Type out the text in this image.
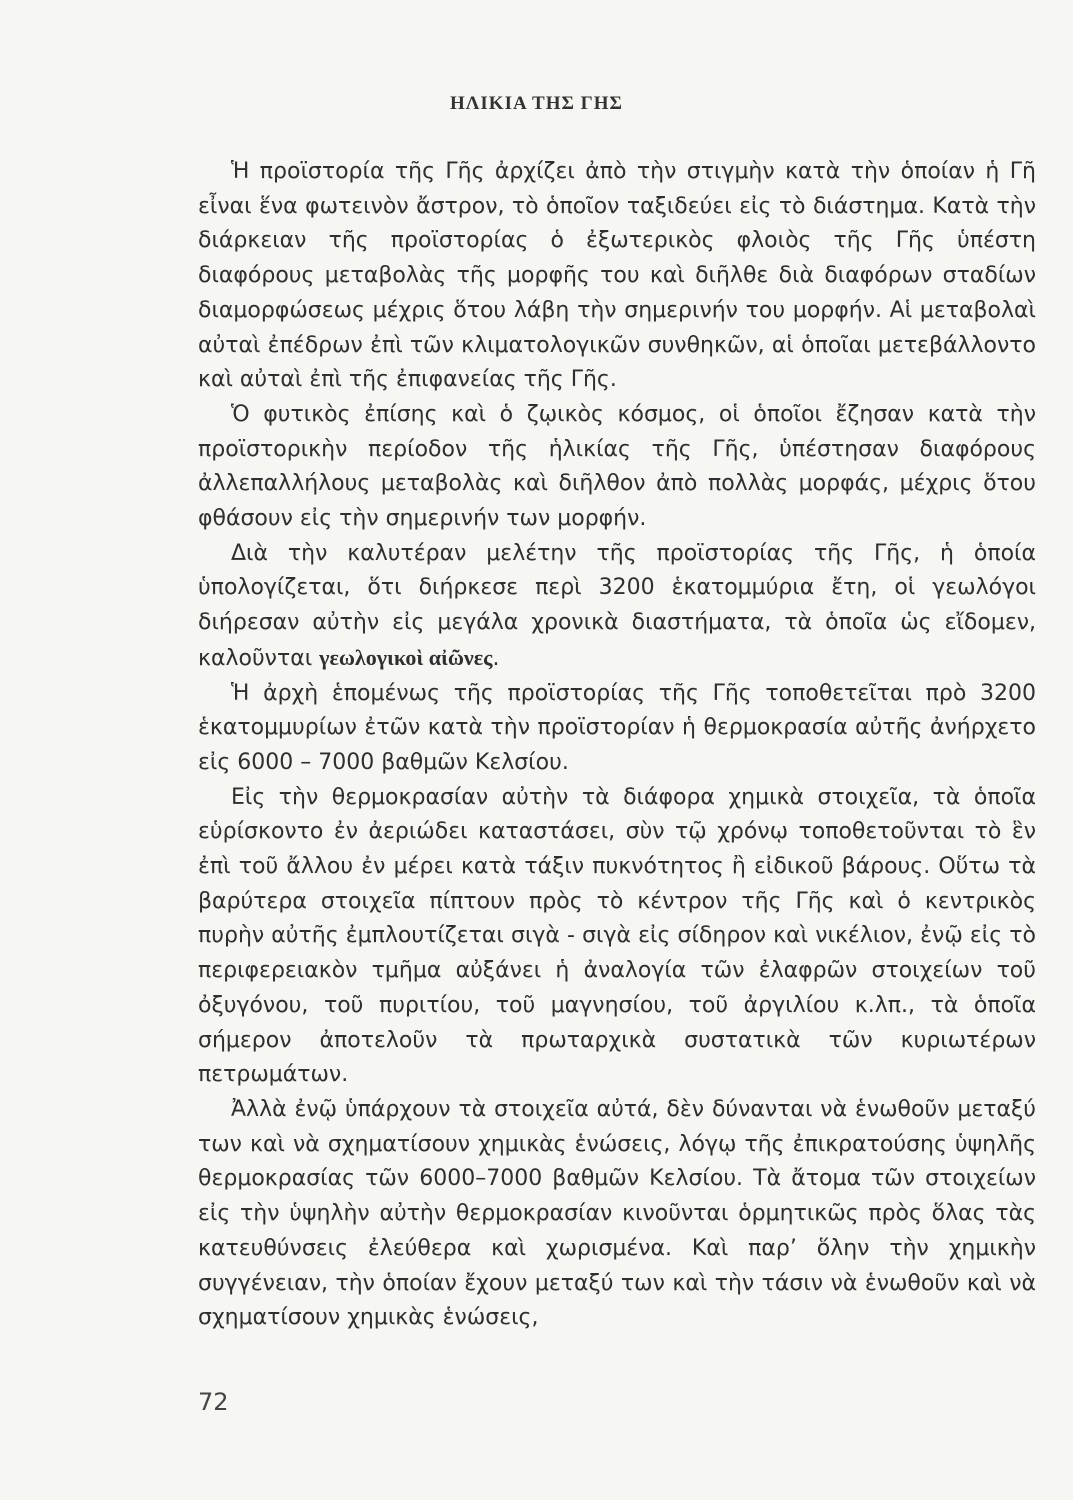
ΗΛΙΚΙΑ ΤΗΣ ΓΗΣ

Ἡ προϊστορία τῆς Γῆς ἀρχίζει ἀπὸ τὴν στιγμὴν κατὰ τὴν ὁποίαν ἡ Γῆ εἶναι ἕνα φωτεινὸν ἄστρον, τὸ ὁποῖον ταξιδεύει εἰς τὸ διάστημα. Κατὰ τὴν διάρκειαν τῆς προϊστορίας ὁ ἐξωτερικὸς φλοιὸς τῆς Γῆς ὑπέστη διαφόρους μεταβολὰς τῆς μορφῆς του καὶ διῆλθε διὰ διαφόρων σταδίων διαμορφώσεως μέχρις ὅτου λάβη τὴν σημερινήν του μορφήν. Αἱ μεταβολαὶ αὐταὶ ἐπέδρων ἐπὶ τῶν κλιματολογικῶν συνθηκῶν, αἱ ὁποῖαι μετεβάλλοντο καὶ αὐταὶ ἐπὶ τῆς ἐπιφανείας τῆς Γῆς.

Ὁ φυτικὸς ἐπίσης καὶ ὁ ζῳικὸς κόσμος, οἱ ὁποῖοι ἔζησαν κατὰ τὴν προϊστορικὴν περίοδον τῆς ἡλικίας τῆς Γῆς, ὑπέστησαν διαφόρους ἀλλεπαλλήλους μεταβολὰς καὶ διῆλθον ἀπὸ πολλὰς μορφάς, μέχρις ὅτου φθάσουν εἰς τὴν σημερινήν των μορφήν.

Διὰ τὴν καλυτέραν μελέτην τῆς προϊστορίας τῆς Γῆς, ἡ ὁποία ὑπολογίζεται, ὅτι διήρκεσε περὶ 3200 ἑκατομμύρια ἔτη, οἱ γεωλόγοι διήρεσαν αὐτὴν εἰς μεγάλα χρονικὰ διαστήματα, τὰ ὁποῖα ὡς εἴδομεν, καλοῦνται γεωλογικοὶ αἰῶνες.

Ἡ ἀρχὴ ἑπομένως τῆς προϊστορίας τῆς Γῆς τοποθετεῖται πρὸ 3200 ἑκατομμυρίων ἐτῶν κατὰ τὴν προϊστορίαν ἡ θερμοκρασία αὐτῆς ἀνήρχετο εἰς 6000 – 7000 βαθμῶν Κελσίου.

Εἰς τὴν θερμοκρασίαν αὐτὴν τὰ διάφορα χημικὰ στοιχεῖα, τὰ ὁποῖα εὑρίσκοντο ἐν ἀεριώδει καταστάσει, σὺν τῷ χρόνῳ τοποθετοῦνται τὸ ἓν ἐπὶ τοῦ ἄλλου ἐν μέρει κατὰ τάξιν πυκνότητος ἢ εἰδικοῦ βάρους. Οὕτω τὰ βαρύτερα στοιχεῖα πίπτουν πρὸς τὸ κέντρον τῆς Γῆς καὶ ὁ κεντρικὸς πυρὴν αὐτῆς ἐμπλουτίζεται σιγὰ - σιγὰ εἰς σίδηρον καὶ νικέλιον, ἐνῷ εἰς τὸ περιφερειακὸν τμῆμα αὐξάνει ἡ ἀναλογία τῶν ἐλαφρῶν στοιχείων τοῦ ὀξυγόνου, τοῦ πυριτίου, τοῦ μαγνησίου, τοῦ ἀργιλίου κ.λπ., τὰ ὁποῖα σήμερον ἀποτελοῦν τὰ πρωταρχικὰ συστατικὰ τῶν κυριωτέρων πετρωμάτων.

Ἀλλὰ ἐνῷ ὑπάρχουν τὰ στοιχεῖα αὐτά, δὲν δύνανται νὰ ἑνωθοῦν μεταξύ των καὶ νὰ σχηματίσουν χημικὰς ἑνώσεις, λόγῳ τῆς ἐπικρατούσης ὑψηλῆς θερμοκρασίας τῶν 6000–7000 βαθμῶν Κελσίου. Τὰ ἄτομα τῶν στοιχείων εἰς τὴν ὑψηλὴν αὐτὴν θερμοκρασίαν κινοῦνται ὁρμητικῶς πρὸς ὅλας τὰς κατευθύνσεις ἐλεύθερα καὶ χωρισμένα. Καὶ παρ’ ὅλην τὴν χημικὴν συγγένειαν, τὴν ὁποίαν ἔχουν μεταξύ των καὶ τὴν τάσιν νὰ ἑνωθοῦν καὶ νὰ σχηματίσουν χημικὰς ἑνώσεις,

72
